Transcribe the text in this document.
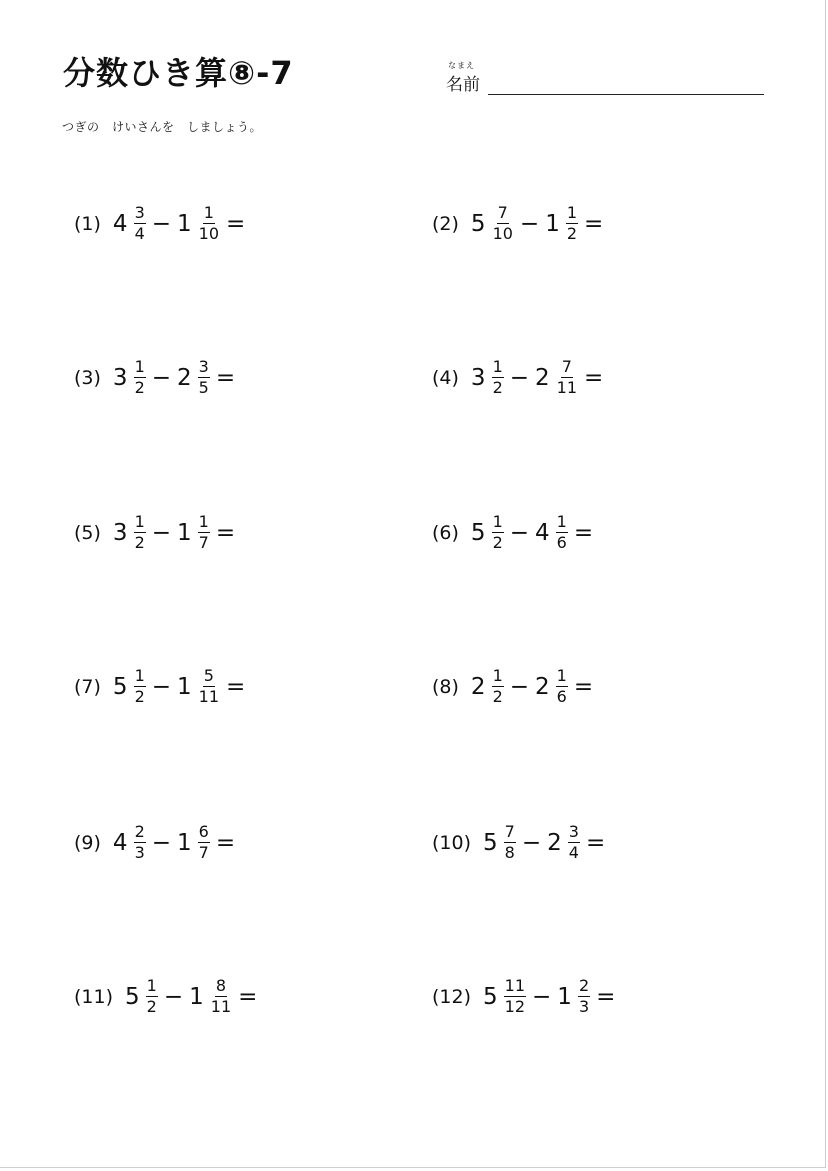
分数ひき算⑧-7	なまえ
名前
つぎの　けいさんを　しましょう。
(1) $4 \frac{3}{4} - 1 \frac{1}{10}$ =	(2) $5 \frac{7}{10} - 1 \frac{1}{2}$ =
(3) $3 \frac{1}{2} - 2 \frac{3}{5}$ =	(4) $3 \frac{1}{2} - 2 \frac{7}{11}$ =
(5) $3 \frac{1}{2} - 1 \frac{1}{7}$ =	(6) $5 \frac{1}{2} - 4 \frac{1}{6}$ =
(7) $5 \frac{1}{2} - 1 \frac{5}{11}$ =	(8) $2 \frac{1}{2} - 2 \frac{1}{6}$ =
(9) $4 \frac{2}{3} - 1 \frac{6}{7}$ =	(10) $5 \frac{7}{8} - 2 \frac{3}{4}$ =
(11) $5 \frac{1}{2} - 1 \frac{8}{11}$ =	(12) $5 \frac{11}{12} - 1 \frac{2}{3}$ =
